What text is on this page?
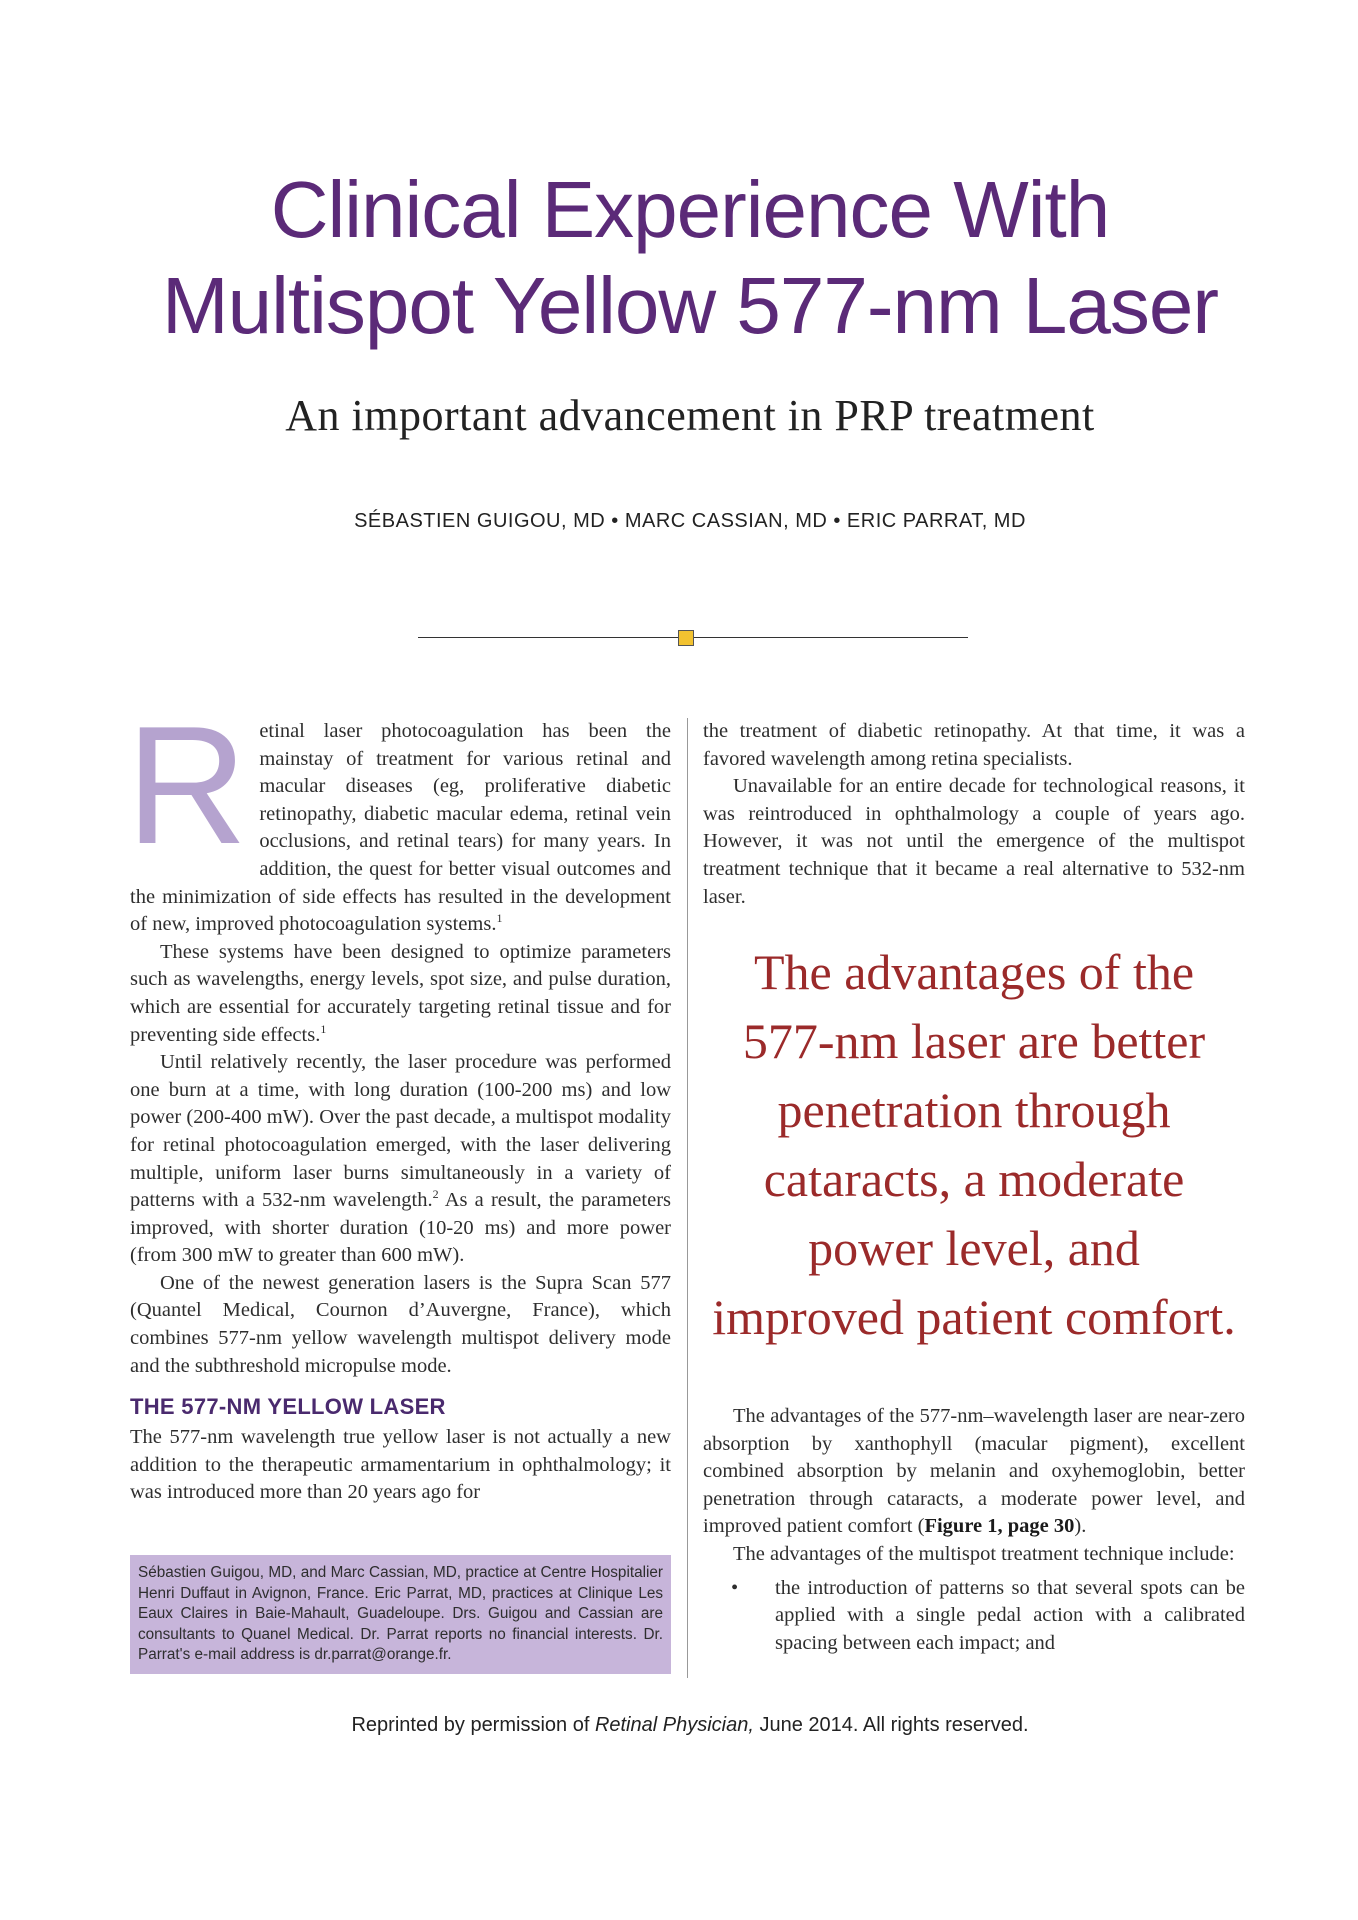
Clinical Experience With
Multispot Yellow 577-nm Laser
An important advancement in PRP treatment
SÉBASTIEN GUIGOU, MD • MARC CASSIAN, MD • ERIC PARRAT, MD

Retinal laser photocoagulation has been the mainstay of treatment for various retinal and macular diseases (eg, proliferative diabetic retinopathy, diabetic macular edema, retinal vein occlusions, and retinal tears) for many years. In addition, the quest for better visual outcomes and the minimization of side effects has resulted in the development of new, improved photocoagulation systems.$^1$

These systems have been designed to optimize parameters such as wavelengths, energy levels, spot size, and pulse duration, which are essential for accurately targeting retinal tissue and for preventing side effects.$^1$

Until relatively recently, the laser procedure was performed one burn at a time, with long duration (100-200 ms) and low power (200-400 mW). Over the past decade, a multispot modality for retinal photocoagulation emerged, with the laser delivering multiple, uniform laser burns simultaneously in a variety of patterns with a 532-nm wavelength.$^2$ As a result, the parameters improved, with shorter duration (10-20 ms) and more power (from 300 mW to greater than 600 mW).

One of the newest generation lasers is the Supra Scan 577 (Quantel Medical, Cournon d’Auvergne, France), which combines 577-nm yellow wavelength multispot delivery mode and the subthreshold micropulse mode.

THE 577-NM YELLOW LASER

The 577-nm wavelength true yellow laser is not actually a new addition to the therapeutic armamentarium in ophthalmology; it was introduced more than 20 years ago for

Sébastien Guigou, MD, and Marc Cassian, MD, practice at Centre Hospitalier Henri Duffaut in Avignon, France. Eric Parrat, MD, practices at Clinique Les Eaux Claires in Baie-Mahault, Guadeloupe. Drs. Guigou and Cassian are consultants to Quanel Medical. Dr. Parrat reports no financial interests. Dr. Parrat's e-mail address is dr.parrat@orange.fr.

the treatment of diabetic retinopathy. At that time, it was a favored wavelength among retina specialists.

Unavailable for an entire decade for technological reasons, it was reintroduced in ophthalmology a couple of years ago. However, it was not until the emergence of the multispot treatment technique that it became a real alternative to 532-nm laser.

The advantages of the
577-nm laser are better
penetration through
cataracts, a moderate
power level, and
improved patient comfort.

The advantages of the 577-nm–wavelength laser are near-zero absorption by xanthophyll (macular pigment), excellent combined absorption by melanin and oxyhemoglobin, better penetration through cataracts, a moderate power level, and improved patient comfort (Figure 1, page 30).

The advantages of the multispot treatment technique include:

• the introduction of patterns so that several spots can be applied with a single pedal action with a calibrated spacing between each impact; and
Reprinted by permission of Retinal Physician, June 2014. All rights reserved.
